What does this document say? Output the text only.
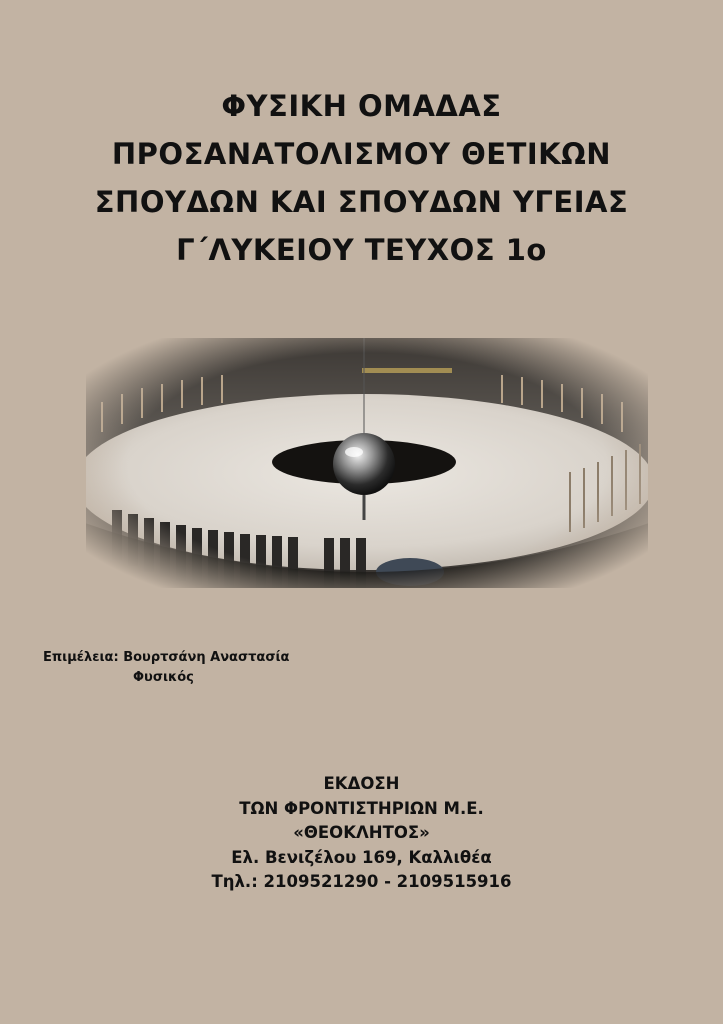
ΦΥΣΙΚΗ ΟΜΑΔΑΣ
ΠΡΟΣΑΝΑΤΟΛΙΣΜΟΥ ΘΕΤΙΚΩΝ
ΣΠΟΥΔΩΝ ΚΑΙ ΣΠΟΥΔΩΝ ΥΓΕΙΑΣ
Γ΄ΛΥΚΕΙΟΥ ΤΕΥΧΟΣ 1ο
Επιμέλεια: Βουρτσάνη Αναστασία
Φυσικός
ΕΚΔΟΣΗ
ΤΩΝ ΦΡΟΝΤΙΣΤΗΡΙΩΝ Μ.Ε.
«ΘΕΟΚΛΗΤΟΣ»
Ελ. Βενιζέλου 169, Καλλιθέα
Τηλ.: 2109521290 - 2109515916
